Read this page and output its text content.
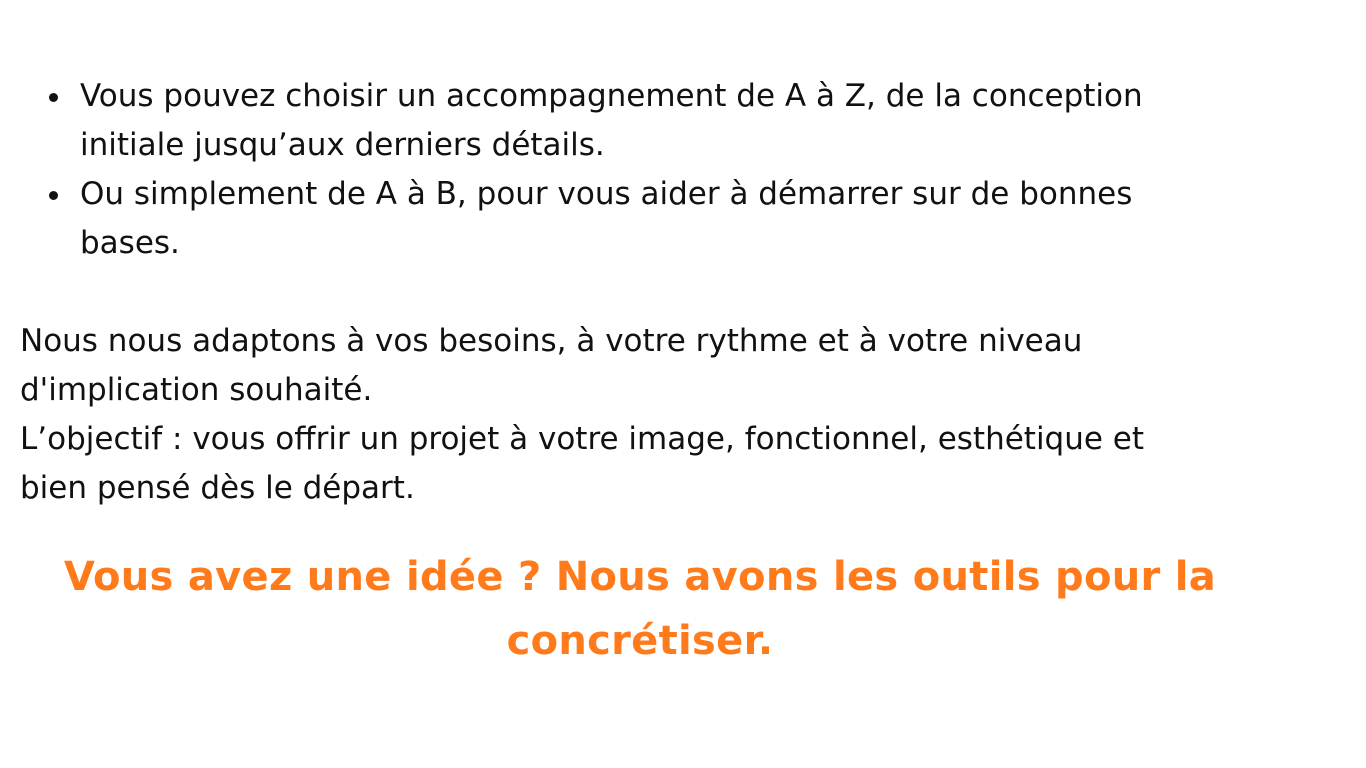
Vous pouvez choisir un accompagnement de A à Z, de la conception
initiale jusqu’aux derniers détails.
Ou simplement de A à B, pour vous aider à démarrer sur de bonnes
bases.

Nous nous adaptons à vos besoins, à votre rythme et à votre niveau
d'implication souhaité.
L’objectif : vous offrir un projet à votre image, fonctionnel, esthétique et
bien pensé dès le départ.

Vous avez une idée ? Nous avons les outils pour la
concrétiser.
